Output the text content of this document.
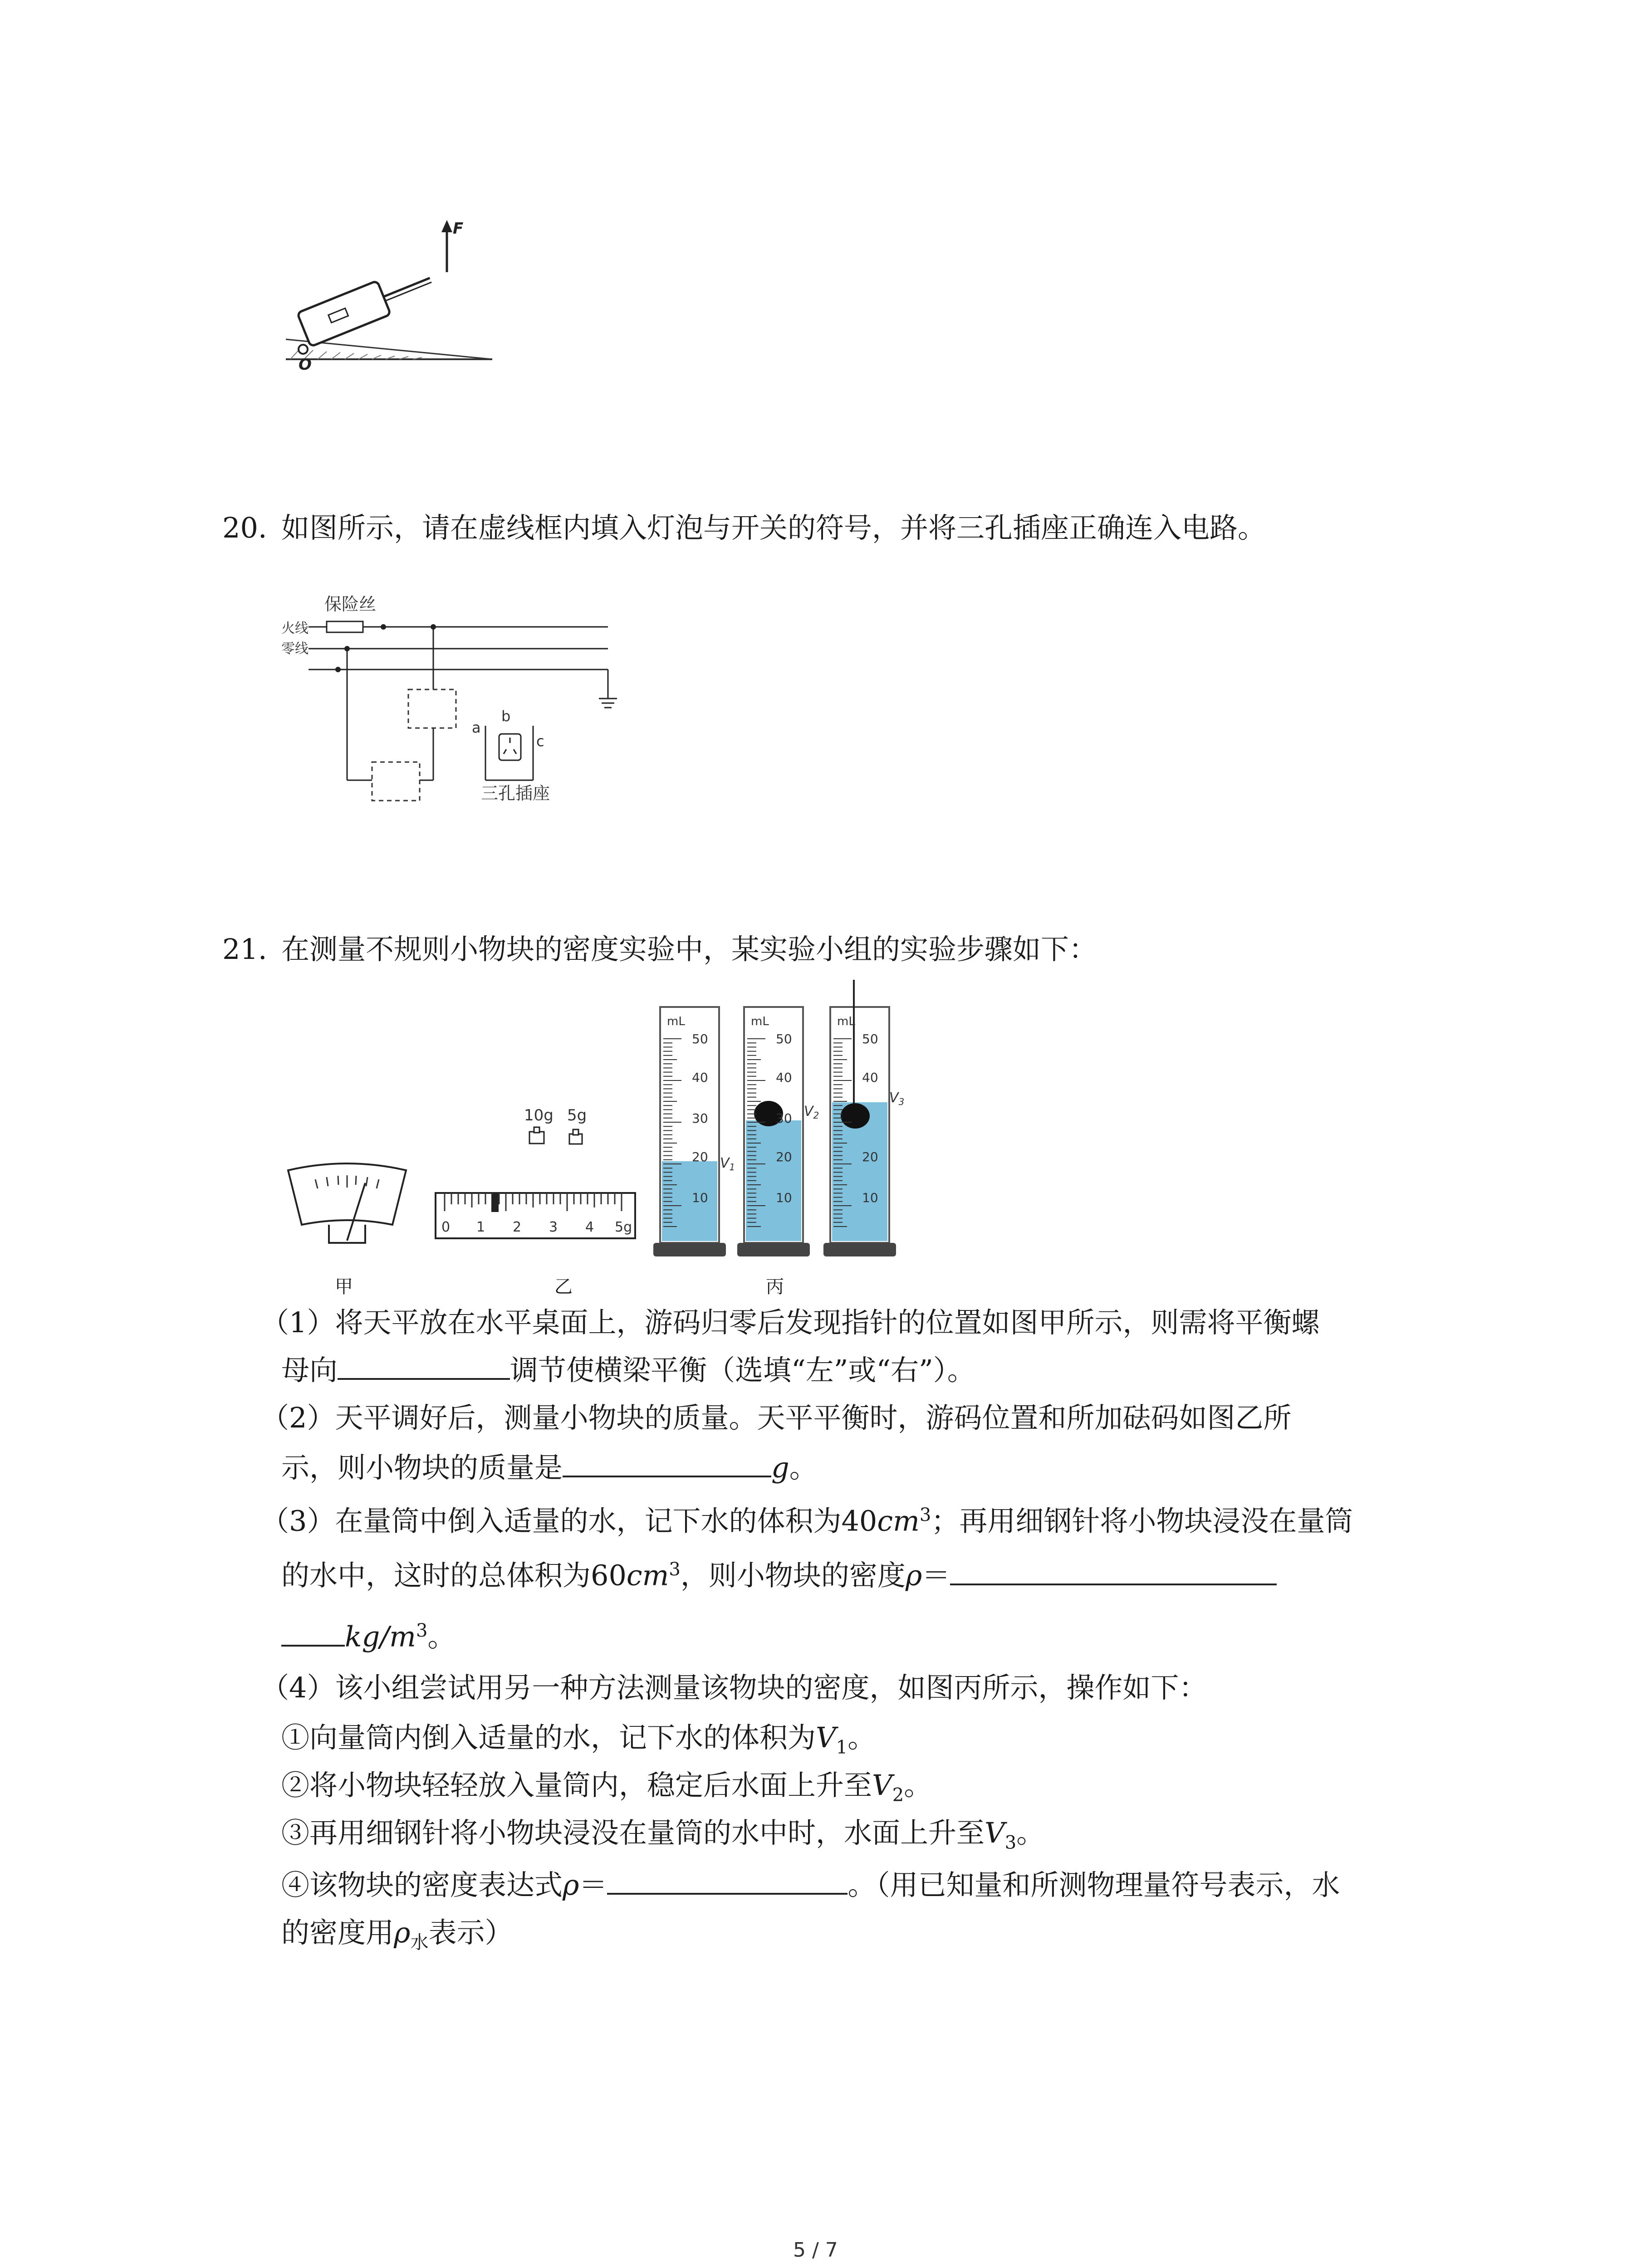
F
O
20. 如图所示，请在虚线框内填入灯泡与开关的符号，并将三孔插座正确连入电路。
保险丝
火线
零线
a
b
c
三孔插座
21. 在测量不规则小物块的密度实验中，某实验小组的实验步骤如下：
甲
10g 5g
0 1 2 3 4 5g
乙
mL	mL	mL
50
40
30
20
10
50
40
30
20
10
50
40
20
10
$V_1$
$V_2$
$V_3$
丙
（1）将天平放在水平桌面上，游码归零后发现指针的位置如图甲所示，则需将平衡螺
母向	调节使横梁平衡（选填“左”或“右”）。
（2）天平调好后，测量小物块的质量。天平平衡时，游码位置和所加砝码如图乙所
示，则小物块的质量是	g。
（3）在量筒中倒入适量的水，记下水的体积为$40cm^3$；再用细钢针将小物块浸没在量筒
的水中，这时的总体积为$60cm^3$，则小物块的密度ρ＝
$kg/m^3$。
（4）该小组尝试用另一种方法测量该物块的密度，如图丙所示，操作如下：
①向量筒内倒入适量的水，记下水的体积为$V_1$。
②将小物块轻轻放入量筒内，稳定后水面上升至$V_2$。
③再用细钢针将小物块浸没在量筒的水中时，水面上升至$V_3$。
④该物块的密度表达式ρ＝	。（用已知量和所测物理量符号表示，水
的密度用$\rho_水$表示）
5 / 7
